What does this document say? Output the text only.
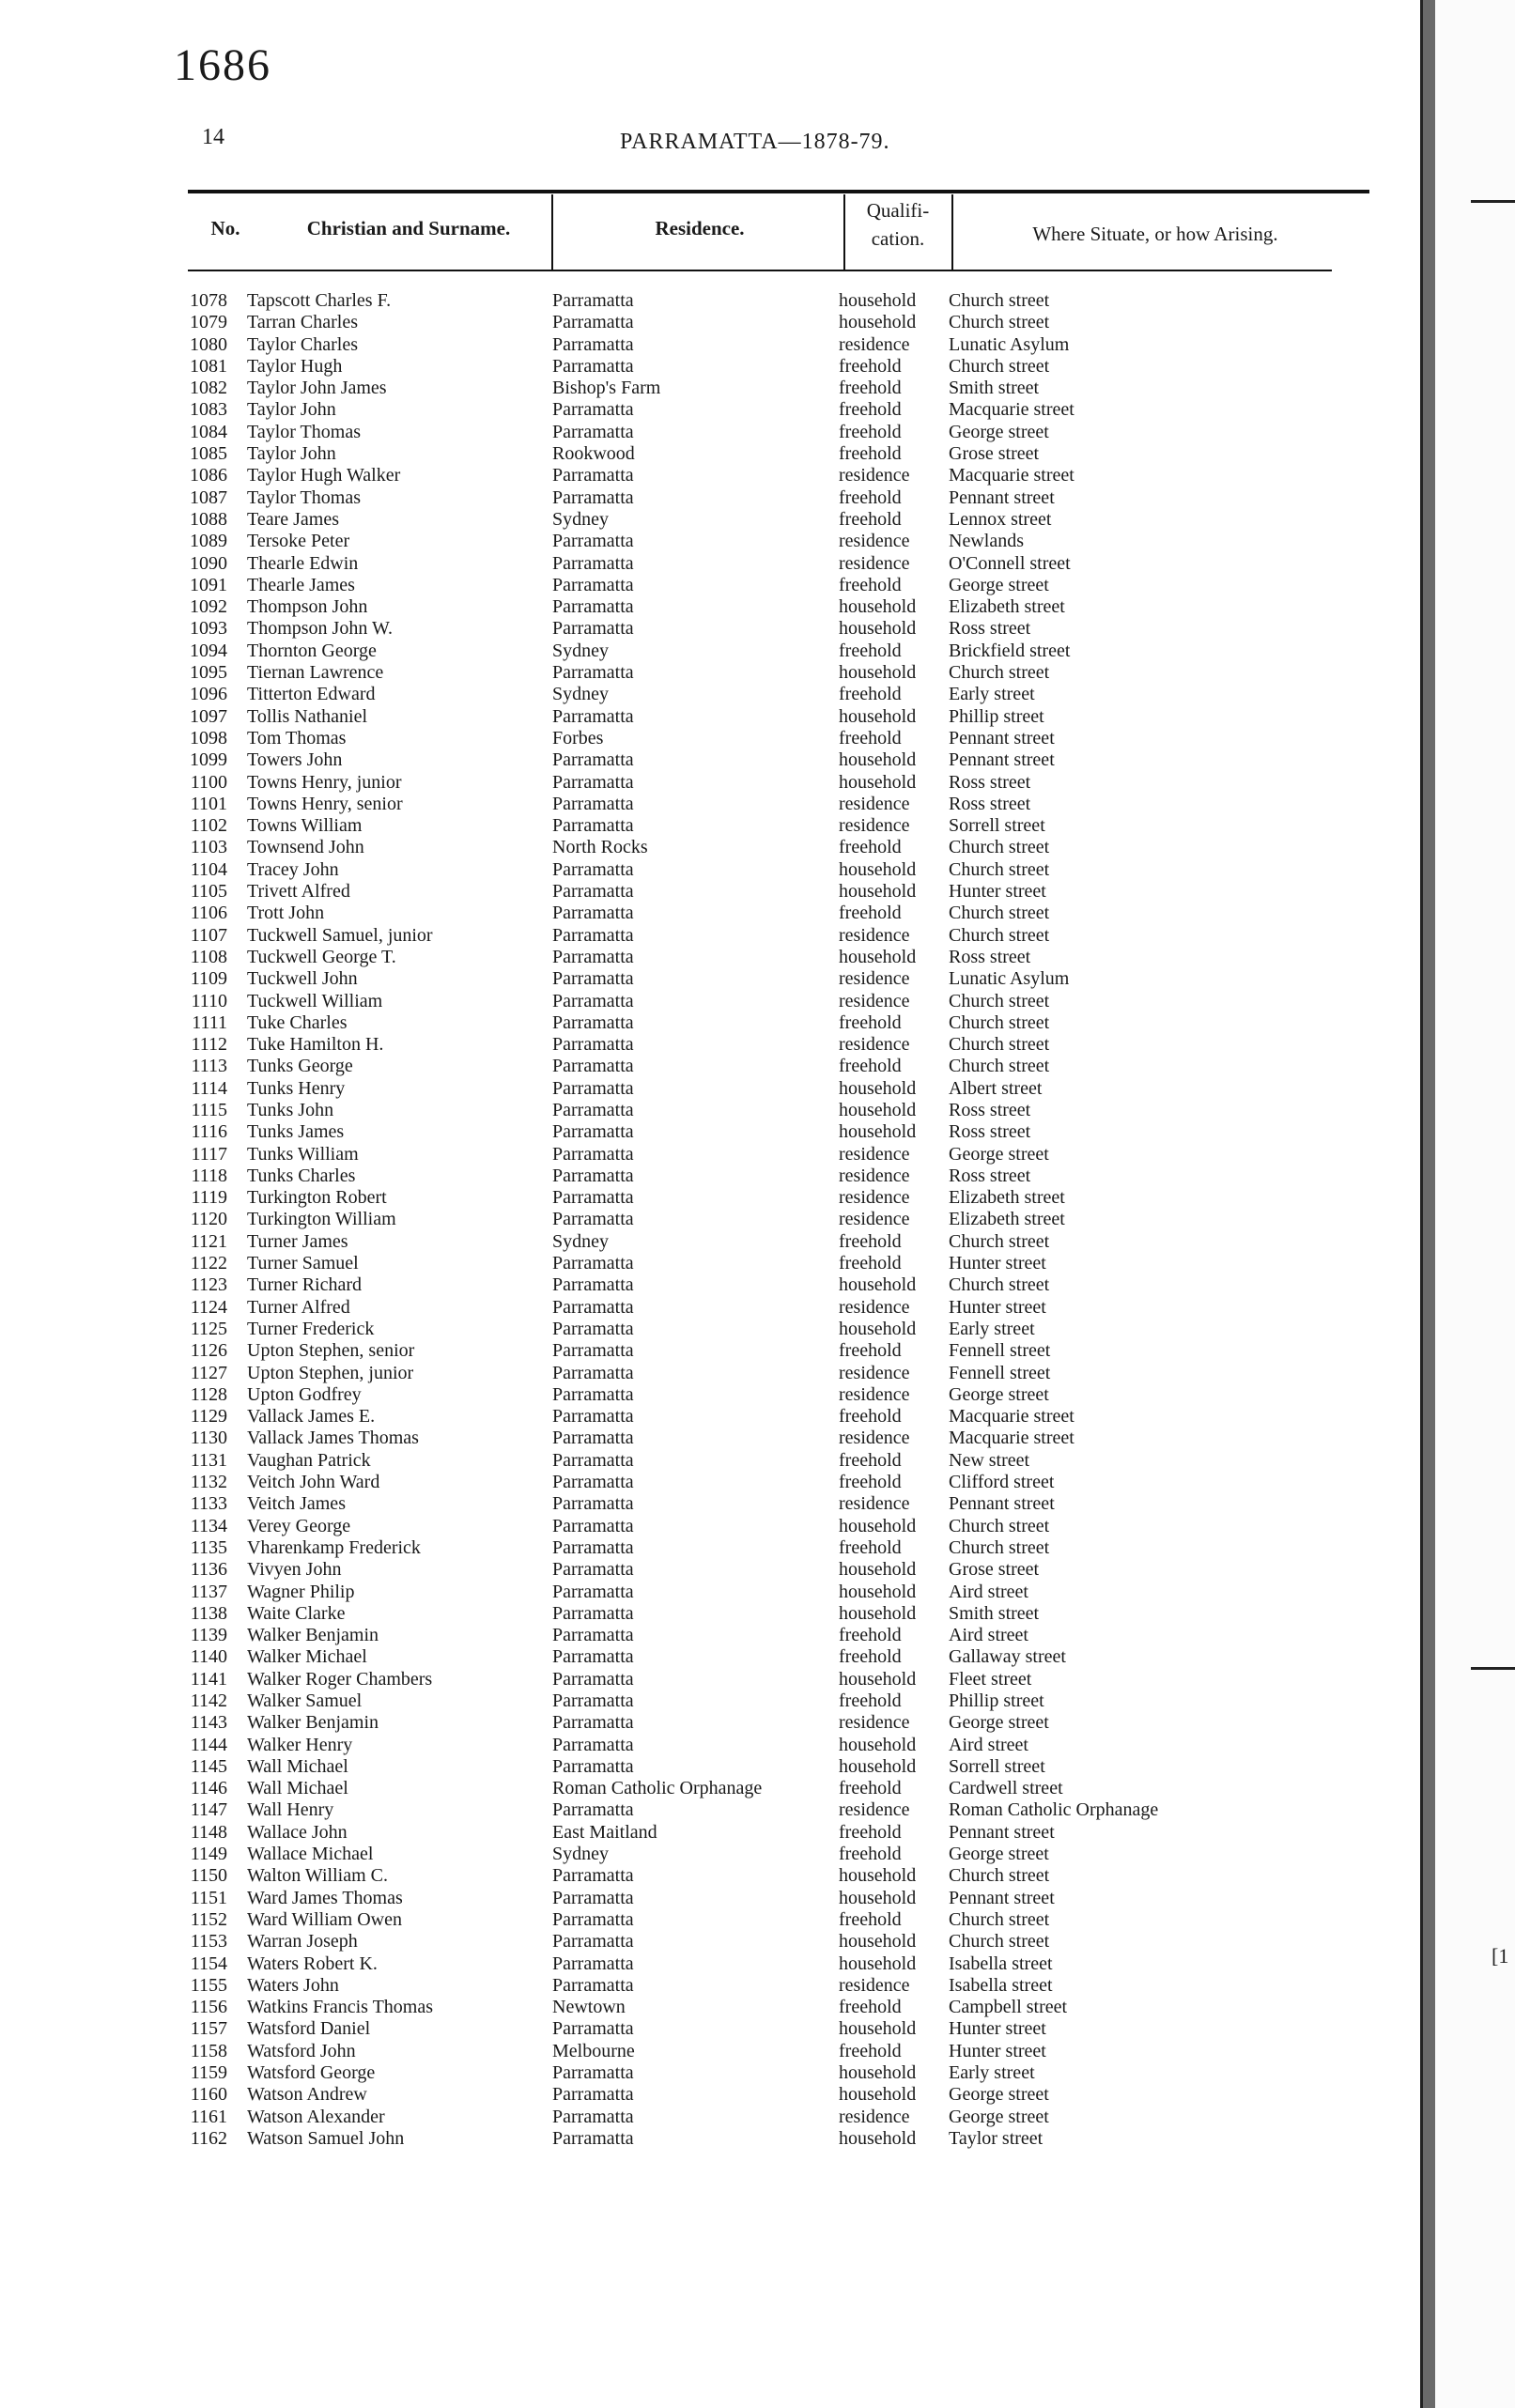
1686
14	PARRAMATTA—1878-79.
No.	Christian and Surname.	Residence.
Qualifi-
cation.	Where Situate, or how Arising.
1078 Tapscott Charles F.	Parramatta	household Church street
1079 Tarran Charles	Parramatta	household Church street
1080 Taylor Charles	Parramatta	residence Lunatic Asylum
1081 Taylor Hugh	Parramatta	freehold	Church street
1082 Taylor John James	Bishop's Farm	freehold	Smith street
1083 Taylor John	Parramatta	freehold	Macquarie street
1084 Taylor Thomas	Parramatta	freehold	George street
1085 Taylor John	Rookwood	freehold	Grose street
1086 Taylor Hugh Walker	Parramatta	residence Macquarie street
1087 Taylor Thomas	Parramatta	freehold	Pennant street
1088 Teare James	Sydney	freehold	Lennox street
1089 Tersoke Peter	Parramatta	residence Newlands
1090 Thearle Edwin	Parramatta	residence O'Connell street
1091 Thearle James	Parramatta	freehold	George street
1092 Thompson John	Parramatta	household Elizabeth street
1093 Thompson John W.	Parramatta	household Ross street
1094 Thornton George	Sydney	freehold	Brickfield street
1095 Tiernan Lawrence	Parramatta	household Church street
1096 Titterton Edward	Sydney	freehold	Early street
1097 Tollis Nathaniel	Parramatta	household Phillip street
1098 Tom Thomas	Forbes	freehold	Pennant street
1099 Towers John	Parramatta	household Pennant street
1100 Towns Henry, junior	Parramatta	household Ross street
1101 Towns Henry, senior	Parramatta	residence Ross street
1102 Towns William	Parramatta	residence Sorrell street
1103 Townsend John	North Rocks	freehold	Church street
1104 Tracey John	Parramatta	household Church street
1105 Trivett Alfred	Parramatta	household Hunter street
1106 Trott John	Parramatta	freehold	Church street
1107 Tuckwell Samuel, junior	Parramatta	residence Church street
1108 Tuckwell George T.	Parramatta	household Ross street
1109 Tuckwell John	Parramatta	residence Lunatic Asylum
1110 Tuckwell William	Parramatta	residence Church street
1111 Tuke Charles	Parramatta	freehold	Church street
1112 Tuke Hamilton H.	Parramatta	residence Church street
1113 Tunks George	Parramatta	freehold	Church street
1114 Tunks Henry	Parramatta	household Albert street
1115 Tunks John	Parramatta	household Ross street
1116 Tunks James	Parramatta	household Ross street
1117 Tunks William	Parramatta	residence George street
1118 Tunks Charles	Parramatta	residence Ross street
1119 Turkington Robert	Parramatta	residence Elizabeth street
1120 Turkington William	Parramatta	residence Elizabeth street
1121 Turner James	Sydney	freehold	Church street
1122 Turner Samuel	Parramatta	freehold	Hunter street
1123 Turner Richard	Parramatta	household Church street
1124 Turner Alfred	Parramatta	residence Hunter street
1125 Turner Frederick	Parramatta	household Early street
1126 Upton Stephen, senior	Parramatta	freehold	Fennell street
1127 Upton Stephen, junior	Parramatta	residence Fennell street
1128 Upton Godfrey	Parramatta	residence George street
1129 Vallack James E.	Parramatta	freehold	Macquarie street
1130 Vallack James Thomas	Parramatta	residence Macquarie street
1131 Vaughan Patrick	Parramatta	freehold	New street
1132 Veitch John Ward	Parramatta	freehold	Clifford street
1133 Veitch James	Parramatta	residence Pennant street
1134 Verey George	Parramatta	household Church street
1135 Vharenkamp Frederick	Parramatta	freehold	Church street
1136 Vivyen John	Parramatta	household Grose street
1137 Wagner Philip	Parramatta	household Aird street
1138 Waite Clarke	Parramatta	household Smith street
1139 Walker Benjamin	Parramatta	freehold	Aird street
1140 Walker Michael	Parramatta	freehold	Gallaway street
1141 Walker Roger Chambers	Parramatta	household Fleet street
1142 Walker Samuel	Parramatta	freehold	Phillip street
1143 Walker Benjamin	Parramatta	residence George street
1144 Walker Henry	Parramatta	household Aird street
1145 Wall Michael	Parramatta	household Sorrell street
1146 Wall Michael	Roman Catholic Orphanage	freehold	Cardwell street
1147 Wall Henry	Parramatta	residence Roman Catholic Orphanage
1148 Wallace John	East Maitland	freehold	Pennant street
1149 Wallace Michael	Sydney	freehold	George street
1150 Walton William C.	Parramatta	household Church street
1151 Ward James Thomas	Parramatta	household Pennant street
1152 Ward William Owen	Parramatta	freehold	Church street
1153 Warran Joseph	Parramatta	household Church street
1154 Waters Robert K.	Parramatta	household Isabella street
1155 Waters John	Parramatta	residence Isabella street
1156 Watkins Francis Thomas	Newtown	freehold	Campbell street
1157 Watsford Daniel	Parramatta	household Hunter street
1158 Watsford John	Melbourne	freehold	Hunter street
1159 Watsford George	Parramatta	household Early street
1160 Watson Andrew	Parramatta	household George street
1161 Watson Alexander	Parramatta	residence George street
1162 Watson Samuel John	Parramatta	household Taylor street
[1
